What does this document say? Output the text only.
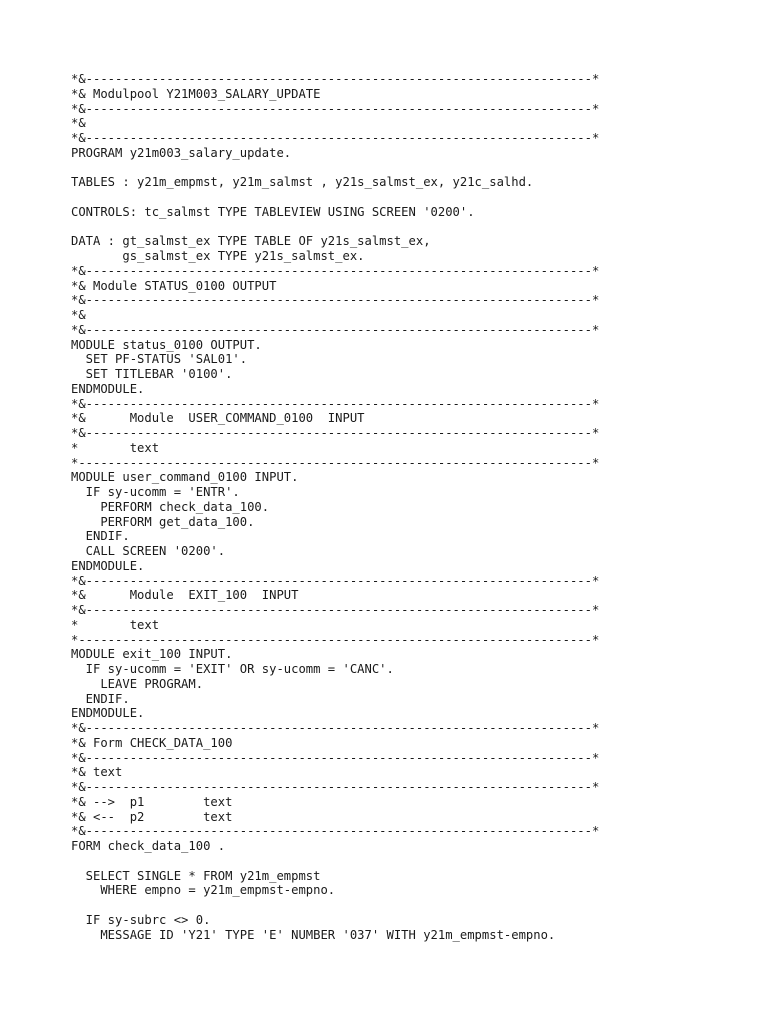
*&---------------------------------------------------------------------*
*& Modulpool Y21M003_SALARY_UPDATE
*&---------------------------------------------------------------------*
*&
*&---------------------------------------------------------------------*
PROGRAM y21m003_salary_update.
TABLES : y21m_empmst, y21m_salmst , y21s_salmst_ex, y21c_salhd.
CONTROLS: tc_salmst TYPE TABLEVIEW USING SCREEN '0200'.
DATA : gt_salmst_ex TYPE TABLE OF y21s_salmst_ex,
gs_salmst_ex TYPE y21s_salmst_ex.
*&---------------------------------------------------------------------*
*& Module STATUS_0100 OUTPUT
*&---------------------------------------------------------------------*
*&
*&---------------------------------------------------------------------*
MODULE status_0100 OUTPUT.
SET PF-STATUS 'SAL01'.
SET TITLEBAR '0100'.
ENDMODULE.
*&---------------------------------------------------------------------*
*&      Module  USER_COMMAND_0100  INPUT
*&---------------------------------------------------------------------*
*       text
*----------------------------------------------------------------------*
MODULE user_command_0100 INPUT.
IF sy-ucomm = 'ENTR'.
PERFORM check_data_100.
PERFORM get_data_100.
ENDIF.
CALL SCREEN '0200'.
ENDMODULE.
*&---------------------------------------------------------------------*
*&      Module  EXIT_100  INPUT
*&---------------------------------------------------------------------*
*       text
*----------------------------------------------------------------------*
MODULE exit_100 INPUT.
IF sy-ucomm = 'EXIT' OR sy-ucomm = 'CANC'.
LEAVE PROGRAM.
ENDIF.
ENDMODULE.
*&---------------------------------------------------------------------*
*& Form CHECK_DATA_100
*&---------------------------------------------------------------------*
*& text
*&---------------------------------------------------------------------*
*& -->  p1        text
*& <--  p2        text
*&---------------------------------------------------------------------*
FORM check_data_100 .
SELECT SINGLE * FROM y21m_empmst
WHERE empno = y21m_empmst-empno.
IF sy-subrc <> 0.
MESSAGE ID 'Y21' TYPE 'E' NUMBER '037' WITH y21m_empmst-empno.
